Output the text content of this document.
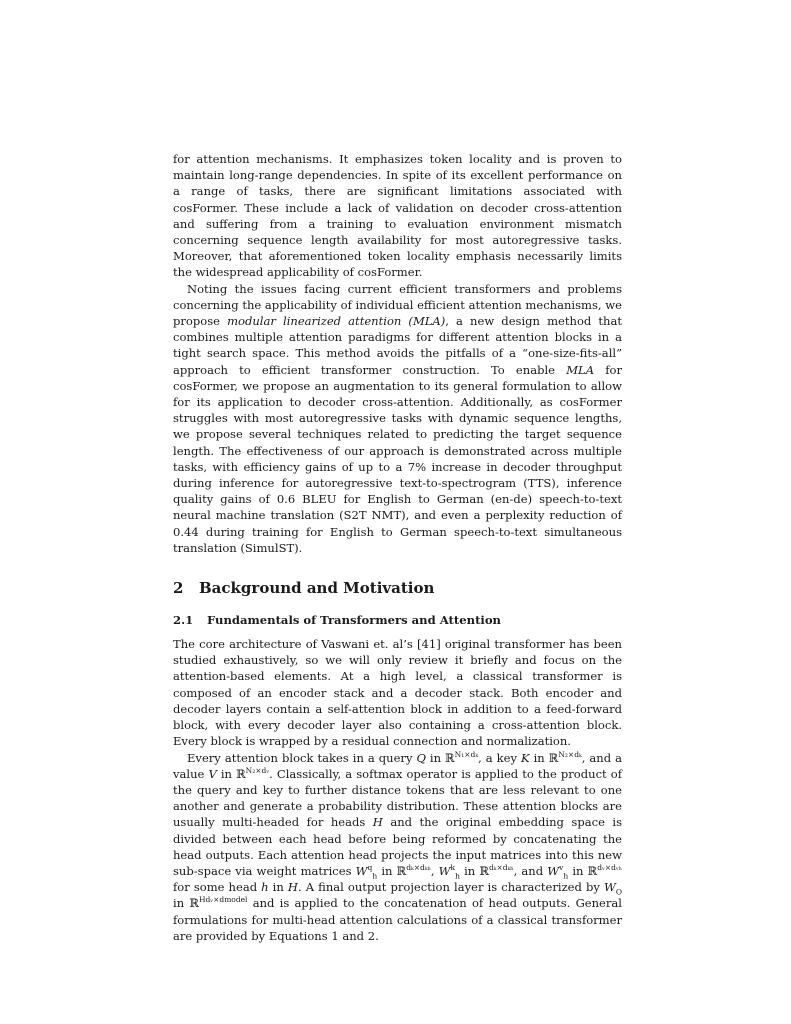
for attention mechanisms. It emphasizes token locality and is proven to maintain long-range dependencies. In spite of its excellent performance on a range of tasks, there are significant limitations associated with cosFormer. These include a lack of validation on decoder cross-attention and suffering from a training to evaluation environment mismatch concerning sequence length availability for most autoregressive tasks. Moreover, that aforementioned token locality emphasis necessarily limits the widespread applicability of cosFormer.

Noting the issues facing current efficient transformers and problems concerning the applicability of individual efficient attention mechanisms, we propose modular linearized attention (MLA), a new design method that combines multiple attention paradigms for different attention blocks in a tight search space. This method avoids the pitfalls of a “one-size-fits-all” approach to efficient transformer construction. To enable MLA for cosFormer, we propose an augmentation to its general formulation to allow for its application to decoder cross-attention. Additionally, as cosFormer struggles with most autoregressive tasks with dynamic sequence lengths, we propose several techniques related to predicting the target sequence length. The effectiveness of our approach is demonstrated across multiple tasks, with efficiency gains of up to a 7% increase in decoder throughput during inference for autoregressive text-to-spectrogram (TTS), inference quality gains of 0.6 BLEU for English to German (en-de) speech-to-text neural machine translation (S2T NMT), and even a perplexity reduction of 0.44 during training for English to German speech-to-text simultaneous translation (SimulST).

2 Background and Motivation
2.1 Fundamentals of Transformers and Attention

The core architecture of Vaswani et. al’s [41] original transformer has been studied exhaustively, so we will only review it briefly and focus on the attention-based elements. At a high level, a classical transformer is composed of an encoder stack and a decoder stack. Both encoder and decoder layers contain a self-attention block in addition to a feed-forward block, with every decoder layer also containing a cross-attention block. Every block is wrapped by a residual connection and normalization.

Every attention block takes in a query Q in ℝ$^{N_1\times d_k}$, a key K in ℝ$^{N_2\times d_k}$, and a value V in ℝ$^{N_2\times dᵥ}$. Classically, a softmax operator is applied to the product of the query and key to further distance tokens that are less relevant to one another and generate a probability distribution. These attention blocks are usually multi-headed for heads H and the original embedding space is divided between each head before being reformed by concatenating the head outputs. Each attention head projects the input matrices into this new sub-space via weight matrices $W^q_h$ in ℝ$^{d_k\times d_{kh}}$, $W^k_h$ in ℝ$^{d_k\times d_{kh}}$, and $W^v_h$ in ℝ$^{dᵥ\times dᵥ_h}$ for some head h in H. A final output projection layer is characterized by $W_O$ in ℝ$^{Hdᵥ\times dmodel}$ and is applied to the concatenation of head outputs. General formulations for multi-head attention calculations of a classical transformer are provided by Equations 1 and 2.
